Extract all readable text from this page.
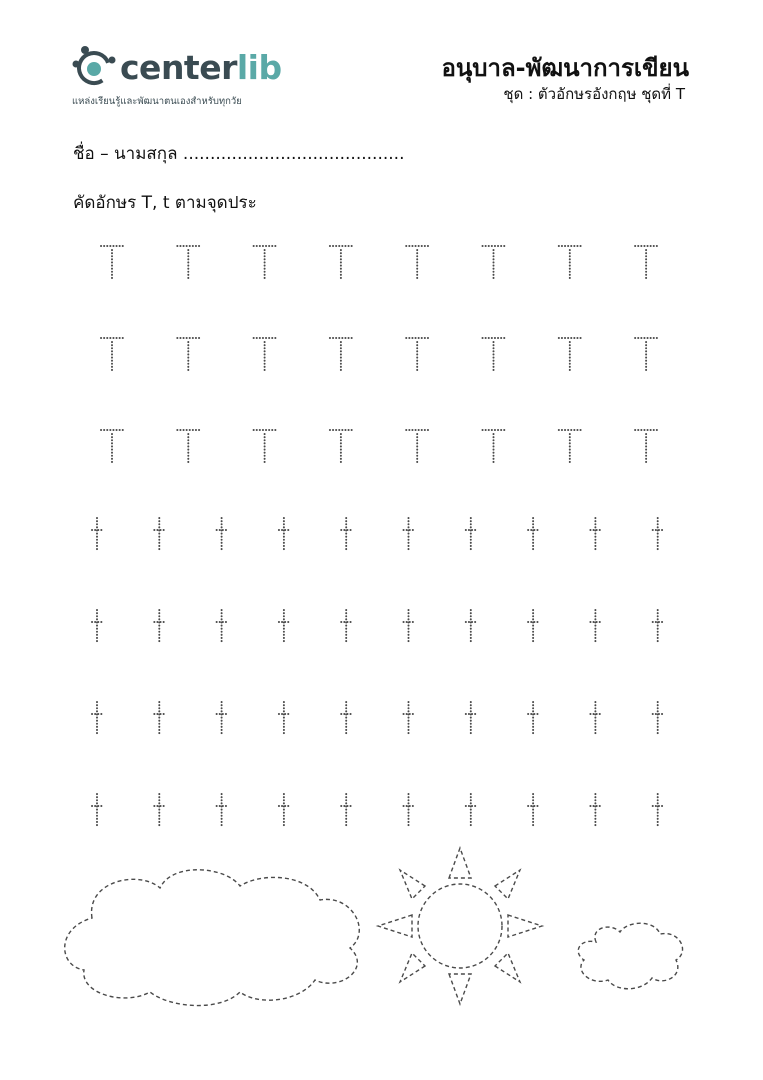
centerlib
แหล่งเรียนรู้และพัฒนาตนเองสำหรับทุกวัย
อนุบาล-พัฒนาการเขียน
ชุด : ตัวอักษรอังกฤษ ชุดที่ T
ชื่อ – นามสกุล .........................................
คัดอักษร T, t ตามจุดประ
